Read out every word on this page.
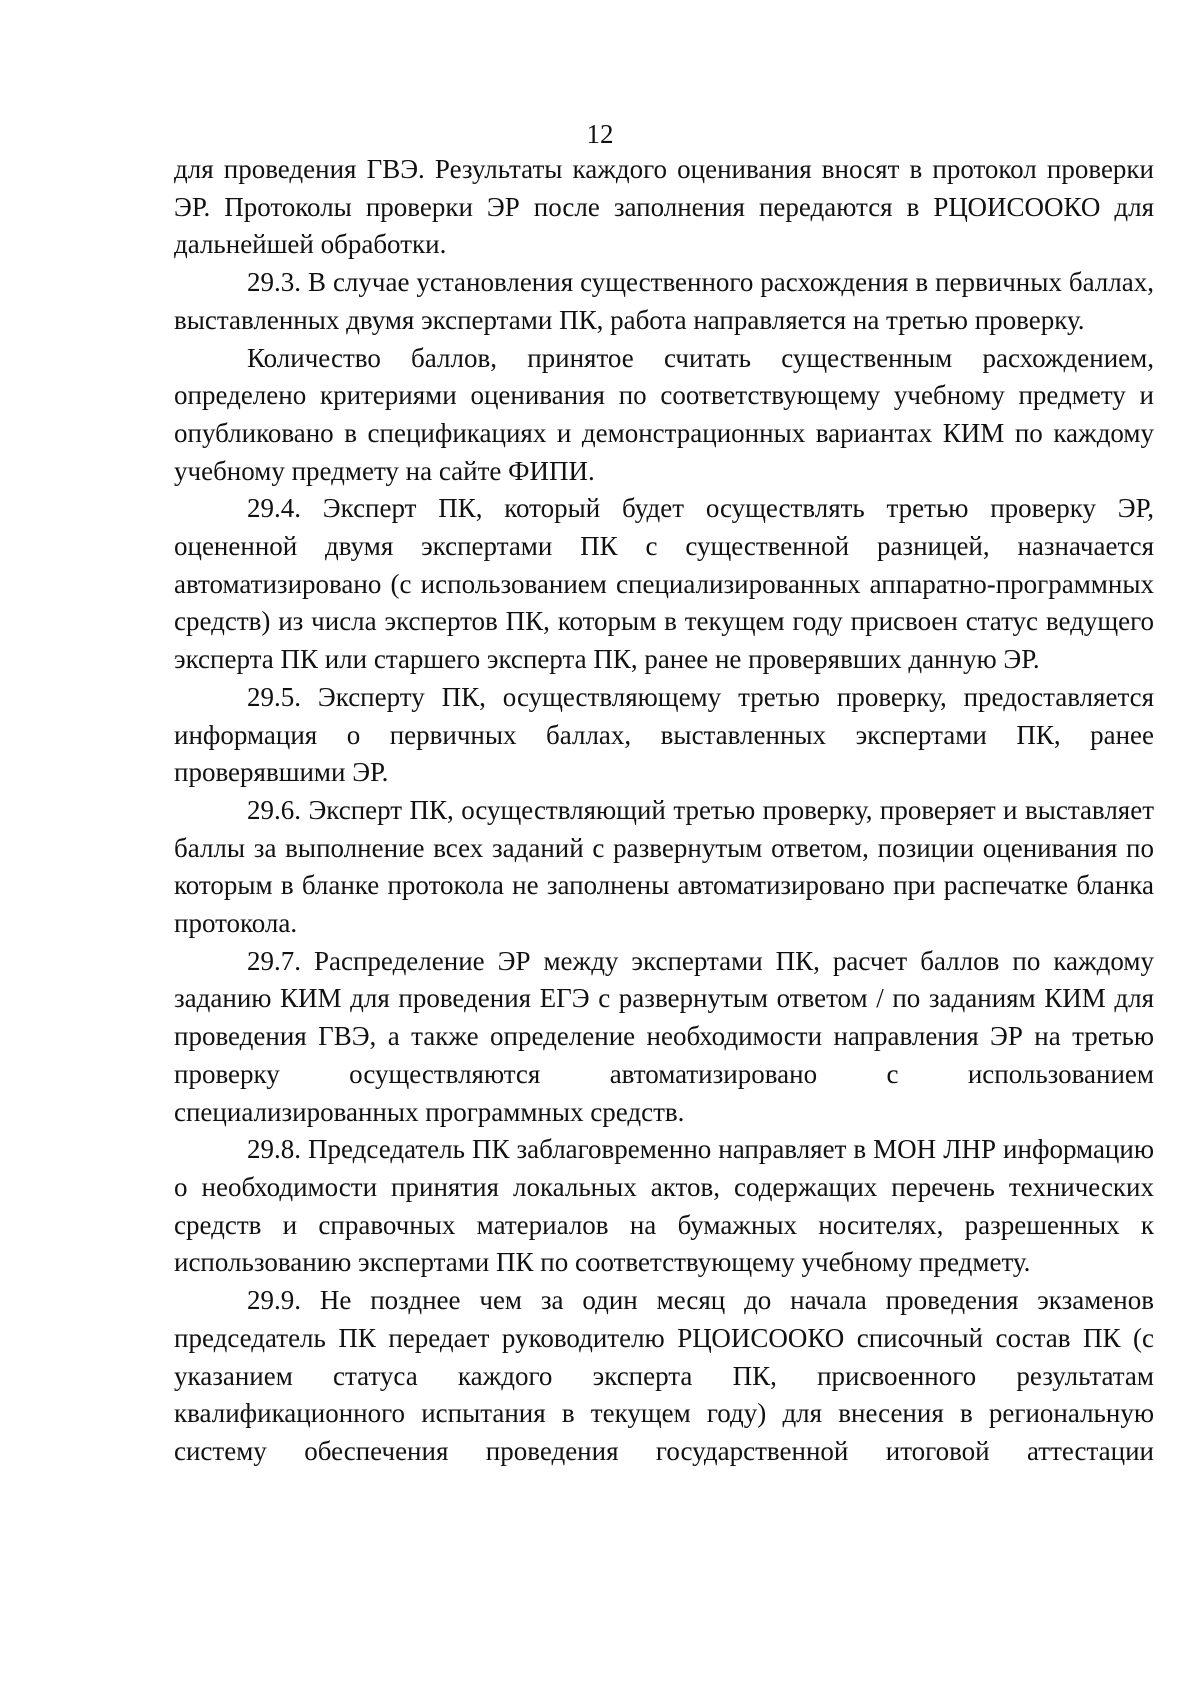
12

для проведения ГВЭ. Результаты каждого оценивания вносят в протокол проверки ЭР. Протоколы проверки ЭР после заполнения передаются в РЦОИСООКО для дальнейшей обработки.

29.3. В случае установления существенного расхождения в первичных баллах, выставленных двумя экспертами ПК, работа направляется на третью проверку.

Количество баллов, принятое считать существенным расхождением, определено критериями оценивания по соответствующему учебному предмету и опубликовано в спецификациях и демонстрационных вариантах КИМ по каждому учебному предмету на сайте ФИПИ.

29.4. Эксперт ПК, который будет осуществлять третью проверку ЭР, оцененной двумя экспертами ПК с существенной разницей, назначается автоматизировано (с использованием специализированных аппаратно-программных средств) из числа экспертов ПК, которым в текущем году присвоен статус ведущего эксперта ПК или старшего эксперта ПК, ранее не проверявших данную ЭР.

29.5. Эксперту ПК, осуществляющему третью проверку, предоставляется информация о первичных баллах, выставленных экспертами ПК, ранее проверявшими ЭР.

29.6. Эксперт ПК, осуществляющий третью проверку, проверяет и выставляет баллы за выполнение всех заданий с развернутым ответом, позиции оценивания по которым в бланке протокола не заполнены автоматизировано при распечатке бланка протокола.

29.7. Распределение ЭР между экспертами ПК, расчет баллов по каждому заданию КИМ для проведения ЕГЭ с развернутым ответом / по заданиям КИМ для проведения ГВЭ, а также определение необходимости направления ЭР на третью проверку осуществляются автоматизировано с использованием специализированных программных средств.

29.8. Председатель ПК заблаговременно направляет в МОН ЛНР информацию о необходимости принятия локальных актов, содержащих перечень технических средств и справочных материалов на бумажных носителях, разрешенных к использованию экспертами ПК по соответствующему учебному предмету.

29.9. Не позднее чем за один месяц до начала проведения экзаменов председатель ПК передает руководителю РЦОИСООКО списочный состав ПК (с указанием статуса каждого эксперта ПК, присвоенного результатам квалификационного испытания в текущем году) для внесения в региональную систему обеспечения проведения государственной итоговой аттестации
